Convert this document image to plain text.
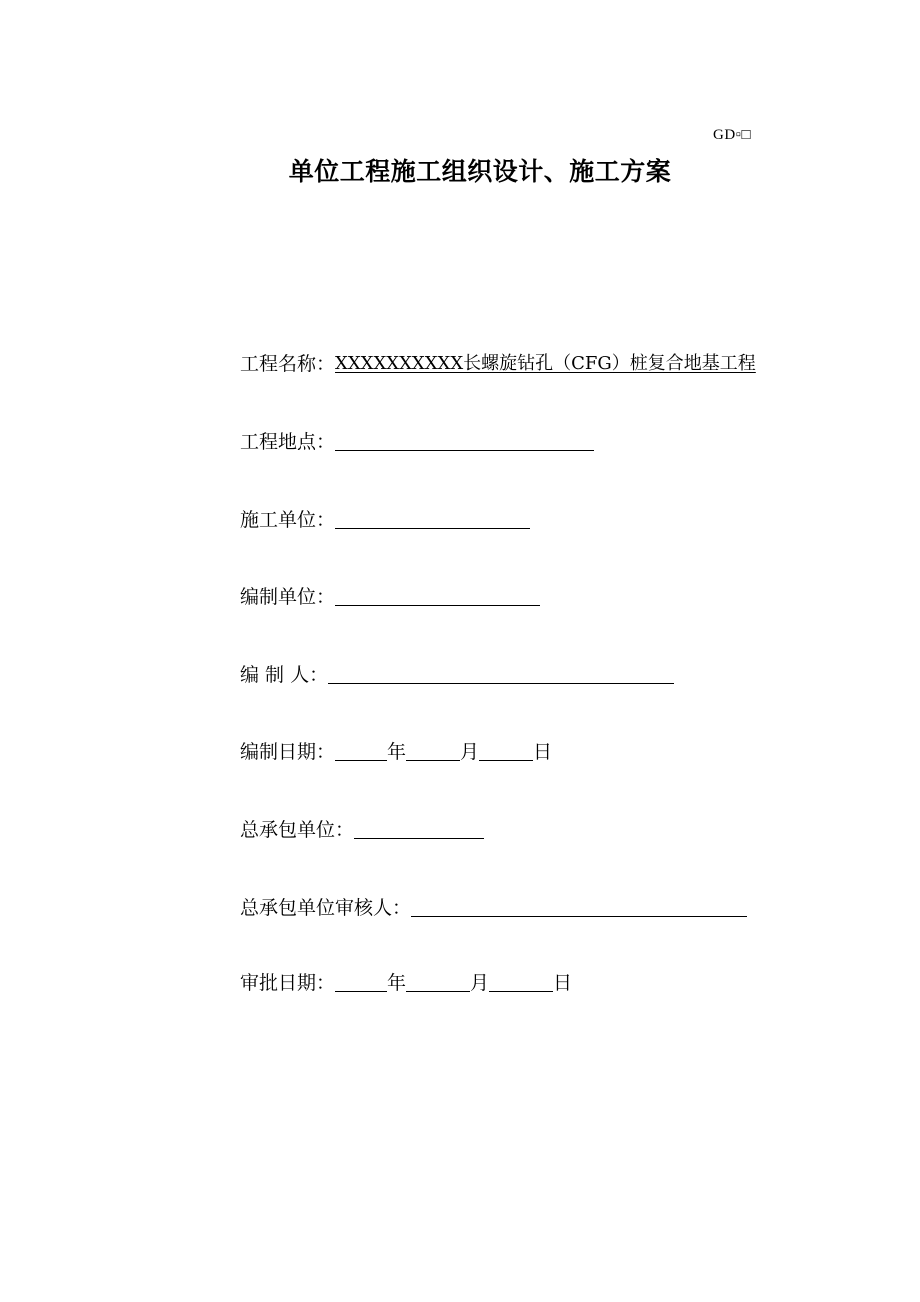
GD▫□
单位工程施工组织设计、施工方案
工程名称：XXXXXXXXXX长螺旋钻孔（CFG）桩复合地基工程
工程地点：
施工单位：
编制单位：
编 制 人：
编制日期：	年	月	日
总承包单位：
总承包单位审核人：
审批日期：	年	月	日
